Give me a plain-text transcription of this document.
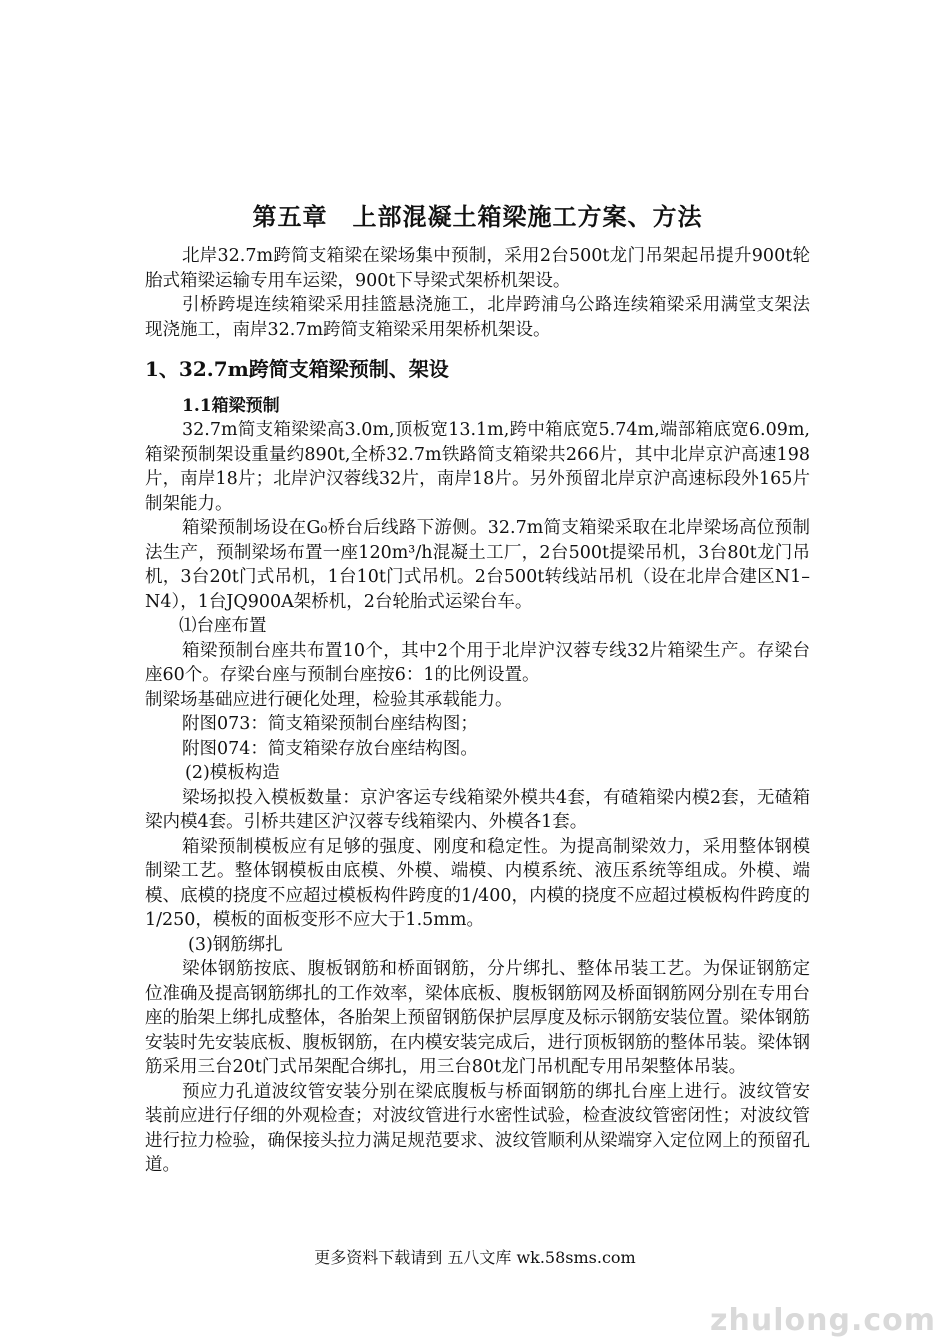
第五章　上部混凝土箱梁施工方案、方法

北岸32.7m跨简支箱梁在梁场集中预制，采用2台500t龙门吊架起吊提升900t轮胎式箱梁运输专用车运梁，900t下导梁式架桥机架设。

引桥跨堤连续箱梁采用挂篮悬浇施工，北岸跨浦乌公路连续箱梁采用满堂支架法现浇施工，南岸32.7m跨简支箱梁采用架桥机架设。

1、32.7m跨简支箱梁预制、架设
1.1箱梁预制

32.7m简支箱梁梁高3.0m,顶板宽13.1m,跨中箱底宽5.74m,端部箱底宽6.09m,箱梁预制架设重量约890t,全桥32.7m铁路简支箱梁共266片，其中北岸京沪高速198片，南岸18片；北岸沪汉蓉线32片，南岸18片。另外预留北岸京沪高速标段外165片制架能力。

箱梁预制场设在G₀桥台后线路下游侧。32.7m简支箱梁采取在北岸梁场高位预制法生产，预制梁场布置一座120m³/h混凝土工厂，2台500t提梁吊机，3台80t龙门吊机，3台20t门式吊机，1台10t门式吊机。2台500t转线站吊机（设在北岸合建区N1–N4），1台JQ900A架桥机，2台轮胎式运梁台车。

⑴台座布置

箱梁预制台座共布置10个，其中2个用于北岸沪汉蓉专线32片箱梁生产。存梁台座60个。存梁台座与预制台座按6：1的比例设置。

制梁场基础应进行硬化处理，检验其承载能力。

附图073：简支箱梁预制台座结构图；

附图074：简支箱梁存放台座结构图。

(2)模板构造

梁场拟投入模板数量：京沪客运专线箱梁外模共4套，有碴箱梁内模2套，无碴箱梁内模4套。引桥共建区沪汉蓉专线箱梁内、外模各1套。

箱梁预制模板应有足够的强度、刚度和稳定性。为提高制梁效力，采用整体钢模制梁工艺。整体钢模板由底模、外模、端模、内模系统、液压系统等组成。外模、端模、底模的挠度不应超过模板构件跨度的1/400，内模的挠度不应超过模板构件跨度的1/250，模板的面板变形不应大于1.5mm。

(3)钢筋绑扎

梁体钢筋按底、腹板钢筋和桥面钢筋，分片绑扎、整体吊装工艺。为保证钢筋定位准确及提高钢筋绑扎的工作效率，梁体底板、腹板钢筋网及桥面钢筋网分别在专用台座的胎架上绑扎成整体，各胎架上预留钢筋保护层厚度及标示钢筋安装位置。梁体钢筋安装时先安装底板、腹板钢筋，在内模安装完成后，进行顶板钢筋的整体吊装。梁体钢筋采用三台20t门式吊架配合绑扎，用三台80t龙门吊机配专用吊架整体吊装。

预应力孔道波纹管安装分别在梁底腹板与桥面钢筋的绑扎台座上进行。波纹管安装前应进行仔细的外观检查；对波纹管进行水密性试验，检查波纹管密闭性；对波纹管进行拉力检验，确保接头拉力满足规范要求、波纹管顺利从梁端穿入定位网上的预留孔道。

更多资料下载请到 五八文库 wk.58sms.com
zhulong.com
